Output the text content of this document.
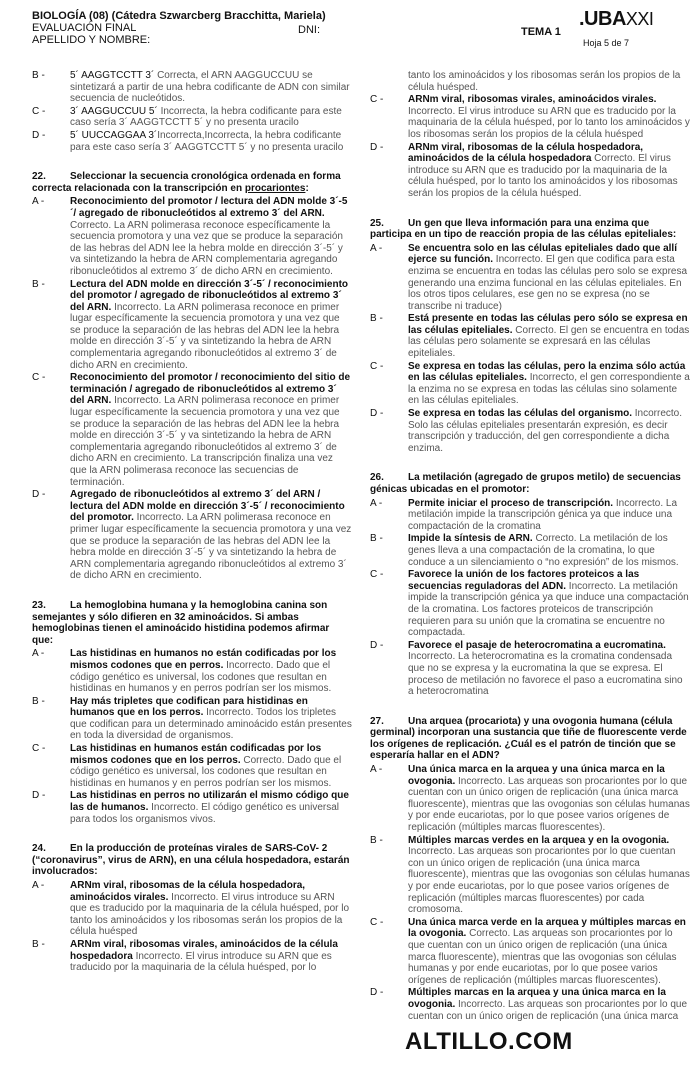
BIOLOGÍA (08) (Cátedra Szwarcberg Bracchitta, Mariela)
EVALUACIÓN FINAL
APELLIDO Y NOMBRE:
DNI:	.UBAXXI
TEMA 1
Hoja 5 de 7
B -	5´ AAGGTCCTT 3´ Correcta, el ARN AAGGUCCUU se sintetizará a partir de una hebra codificante de ADN con similar secuencia de nucleótidos.
C - 3´ AAGGUCCUU 5´ Incorrecta, la hebra codificante para este caso sería 3´ AAGGTCCTT 5´ y no presenta uracilo
D - 5´ UUCCAGGAA 3´Incorrecta,Incorrecta, la hebra codificante para este caso sería 3´ AAGGTCCTT 5´ y no presenta uracilo
22. Seleccionar la secuencia cronológica ordenada en forma correcta relacionada con la transcripción en procariontes:
A -	Reconocimiento del promotor / lectura del ADN molde 3´-5´/ agregado de ribonucleótidos al extremo 3´ del ARN. Correcto. La ARN polimerasa reconoce específicamente la secuencia promotora y una vez que se produce la separación de las hebras del ADN lee la hebra molde en dirección 3´-5´ y va sintetizando la hebra de ARN complementaria agregando ribonucleótidos al extremo 3´ de dicho ARN en crecimiento.
B -	Lectura del ADN molde en dirección 3´-5´ / reconocimiento del promotor / agregado de ribonucleótidos al extremo 3´ del ARN. Incorrecto. La ARN polimerasa reconoce en primer lugar específicamente la secuencia promotora y una vez que se produce la separación de las hebras del ADN lee la hebra molde en dirección 3´-5´ y va sintetizando la hebra de ARN complementaria agregando ribonucleótidos al extremo 3´ de dicho ARN en crecimiento.
C - Reconocimiento del promotor / reconocimiento del sitio de terminación / agregado de ribonucleótidos al extremo 3´ del ARN. Incorrecto. La ARN polimerasa reconoce en primer lugar específicamente la secuencia promotora y una vez que se produce la separación de las hebras del ADN lee la hebra molde en dirección 3´-5´ y va sintetizando la hebra de ARN complementaria agregando ribonucleótidos al extremo 3´ de dicho ARN en crecimiento. La transcripción finaliza una vez que la ARN polimerasa reconoce las secuencias de terminación.
D - Agregado de ribonucleótidos al extremo 3´ del ARN / lectura del ADN molde en dirección 3´-5´ / reconocimiento del promotor. Incorrecto. La ARN polimerasa reconoce en primer lugar específicamente la secuencia promotora y una vez que se produce la separación de las hebras del ADN lee la hebra molde en dirección 3´-5´ y va sintetizando la hebra de ARN complementaria agregando ribonucleótidos al extremo 3´ de dicho ARN en crecimiento.
23. La hemoglobina humana y la hemoglobina canina son semejantes y sólo difieren en 32 aminoácidos. Si ambas hemoglobinas tienen el aminoácido histidina podemos afirmar que:
A -	Las histidinas en humanos no están codificadas por los mismos codones que en perros. Incorrecto. Dado que el código genético es universal, los codones que resultan en histidinas en humanos y en perros podrían ser los mismos.
B -	Hay más tripletes que codifican para histidinas en humanos que en los perros. Incorrecto. Todos los tripletes que codifican para un determinado aminoácido están presentes en toda la diversidad de organismos.
C - Las histidinas en humanos están codificadas por los mismos codones que en los perros. Correcto. Dado que el código genético es universal, los codones que resultan en histidinas en humanos y en perros podrían ser los mismos.
D - Las histidinas en perros no utilizarán el mismo código que las de humanos. Incorrecto. El código genético es universal para todos los organismos vivos.
24. En la producción de proteínas virales de SARS-CoV- 2 (“coronavirus”, virus de ARN), en una célula hospedadora, estarán involucrados:
A -	ARNm viral, ribosomas de la célula hospedadora, aminoácidos virales. Incorrecto. El virus introduce su ARN que es traducido por la maquinaria de la célula huésped, por lo tanto los aminoácidos y los ribosomas serán los propios de la célula huésped
B -	ARNm viral, ribosomas virales, aminoácidos de la célula hospedadora Incorrecto. El virus introduce su ARN que es traducido por la maquinaria de la célula huésped, por lo
tanto los aminoácidos y los ribosomas serán los propios de la célula huésped.
C - ARNm viral, ribosomas virales, aminoácidos virales. Incorrecto. El virus introduce su ARN que es traducido por la maquinaria de la célula huésped, por lo tanto los aminoácidos y los ribosomas serán los propios de la célula huésped
D - ARNm viral, ribosomas de la célula hospedadora, aminoácidos de la célula hospedadora Correcto. El virus introduce su ARN que es traducido por la maquinaria de la célula huésped, por lo tanto los aminoácidos y los ribosomas serán los propios de la célula huésped.
25. Un gen que lleva información para una enzima que participa en un tipo de reacción propia de las células epiteliales:
A -	Se encuentra solo en las células epiteliales dado que allí ejerce su función. Incorrecto. El gen que codifica para esta enzima se encuentra en todas las células pero solo se expresa generando una enzima funcional en las células epiteliales. En los otros tipos celulares, ese gen no se expresa (no se transcribe ni traduce)
B -	Está presente en todas las células pero sólo se expresa en las células epiteliales. Correcto. El gen se encuentra en todas las células pero solamente se expresará en las células epiteliales.
C - Se expresa en todas las células, pero la enzima sólo actúa en las células epiteliales. Incorrecto, el gen correspondiente a la enzima no se expresa en todas las células sino solamente en las células epiteliales.
D - Se expresa en todas las células del organismo. Incorrecto. Solo las células epiteliales presentarán expresión, es decir transcripción y traducción, del gen correspondiente a dicha enzima.
26. La metilación (agregado de grupos metilo) de secuencias génicas ubicadas en el promotor:
A -	Permite iniciar el proceso de transcripción. Incorrecto. La metilación impide la transcripción génica ya que induce una compactación de la cromatina
B -	Impide la síntesis de ARN. Correcto. La metilación de los genes lleva a una compactación de la cromatina, lo que conduce a un silenciamiento o “no expresión” de los mismos.
C - Favorece la unión de los factores proteicos a las secuencias reguladoras del ADN. Incorrecto. La metilación impide la transcripción génica ya que induce una compactación de la cromatina. Los factores proteicos de transcripción requieren para su unión que la cromatina se encuentre no compactada.
D - Favorece el pasaje de heterocromatina a eucromatina. Incorrecto. La heterocromatina es la cromatina condensada que no se expresa y la eucromatina la que se expresa. El proceso de metilación no favorece el paso a eucromatina sino a heterocromatina
27. Una arquea (procariota) y una ovogonia humana (célula germinal) incorporan una sustancia que tiñe de fluorescente verde los orígenes de replicación. ¿Cuál es el patrón de tinción que se esperaría hallar en el ADN?
A -	Una única marca en la arquea y una única marca en la ovogonia. Incorrecto. Las arqueas son procariontes por lo que cuentan con un único origen de replicación (una única marca fluorescente), mientras que las ovogonias son células humanas y por ende eucariotas, por lo que posee varios orígenes de replicación (múltiples marcas fluorescentes).
B -	Múltiples marcas verdes en la arquea y en la ovogonia. Incorrecto. Las arqueas son procariontes por lo que cuentan con un único origen de replicación (una única marca fluorescente), mientras que las ovogonias son células humanas y por ende eucariotas, por lo que posee varios orígenes de replicación (múltiples marcas fluorescentes) por cada cromosoma.
C - Una única marca verde en la arquea y múltiples marcas en la ovogonia. Correcto. Las arqueas son procariontes por lo que cuentan con un único origen de replicación (una única marca fluorescente), mientras que las ovogonias son células humanas y por ende eucariotas, por lo que posee varios orígenes de replicación (múltiples marcas fluorescentes).
D - Múltiples marcas en la arquea y una única marca en la ovogonia. Incorrecto. Las arqueas son procariontes por lo que cuentan con un único origen de replicación (una única marca
ALTILLO.COM
